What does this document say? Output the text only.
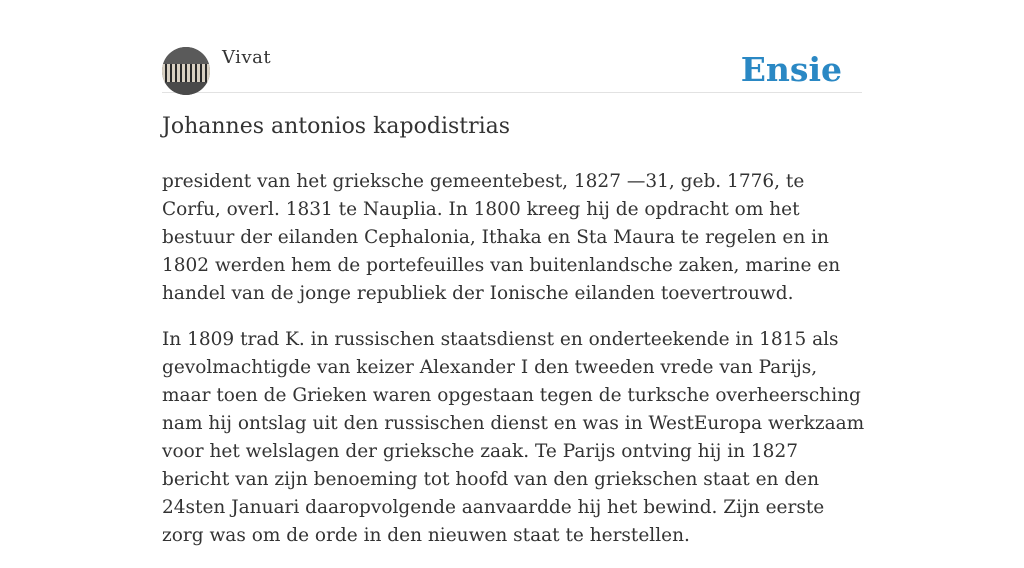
Vivat	Ensie
Johannes antonios kapodistrias

president van het grieksche gemeentebest, 1827 —31, geb. 1776, te Corfu, overl. 1831 te Nauplia. In 1800 kreeg hij de opdracht om het bestuur der eilanden Cephalonia, Ithaka en Sta Maura te regelen en in 1802 werden hem de portefeuilles van buitenlandsche zaken, marine en handel van de jonge republiek der Ionische eilanden toevertrouwd.

In 1809 trad K. in russischen staatsdienst en onderteekende in 1815 als gevolmachtigde van keizer Alexander I den tweeden vrede van Parijs, maar toen de Grieken waren opgestaan tegen de turksche overheersching nam hij ontslag uit den russischen dienst en was in WestEuropa werkzaam voor het welslagen der grieksche zaak. Te Parijs ontving hij in 1827 bericht van zijn benoeming tot hoofd van den griekschen staat en den 24sten Januari daaropvolgende aanvaardde hij het bewind. Zijn eerste zorg was om de orde in den nieuwen staat te herstellen.
